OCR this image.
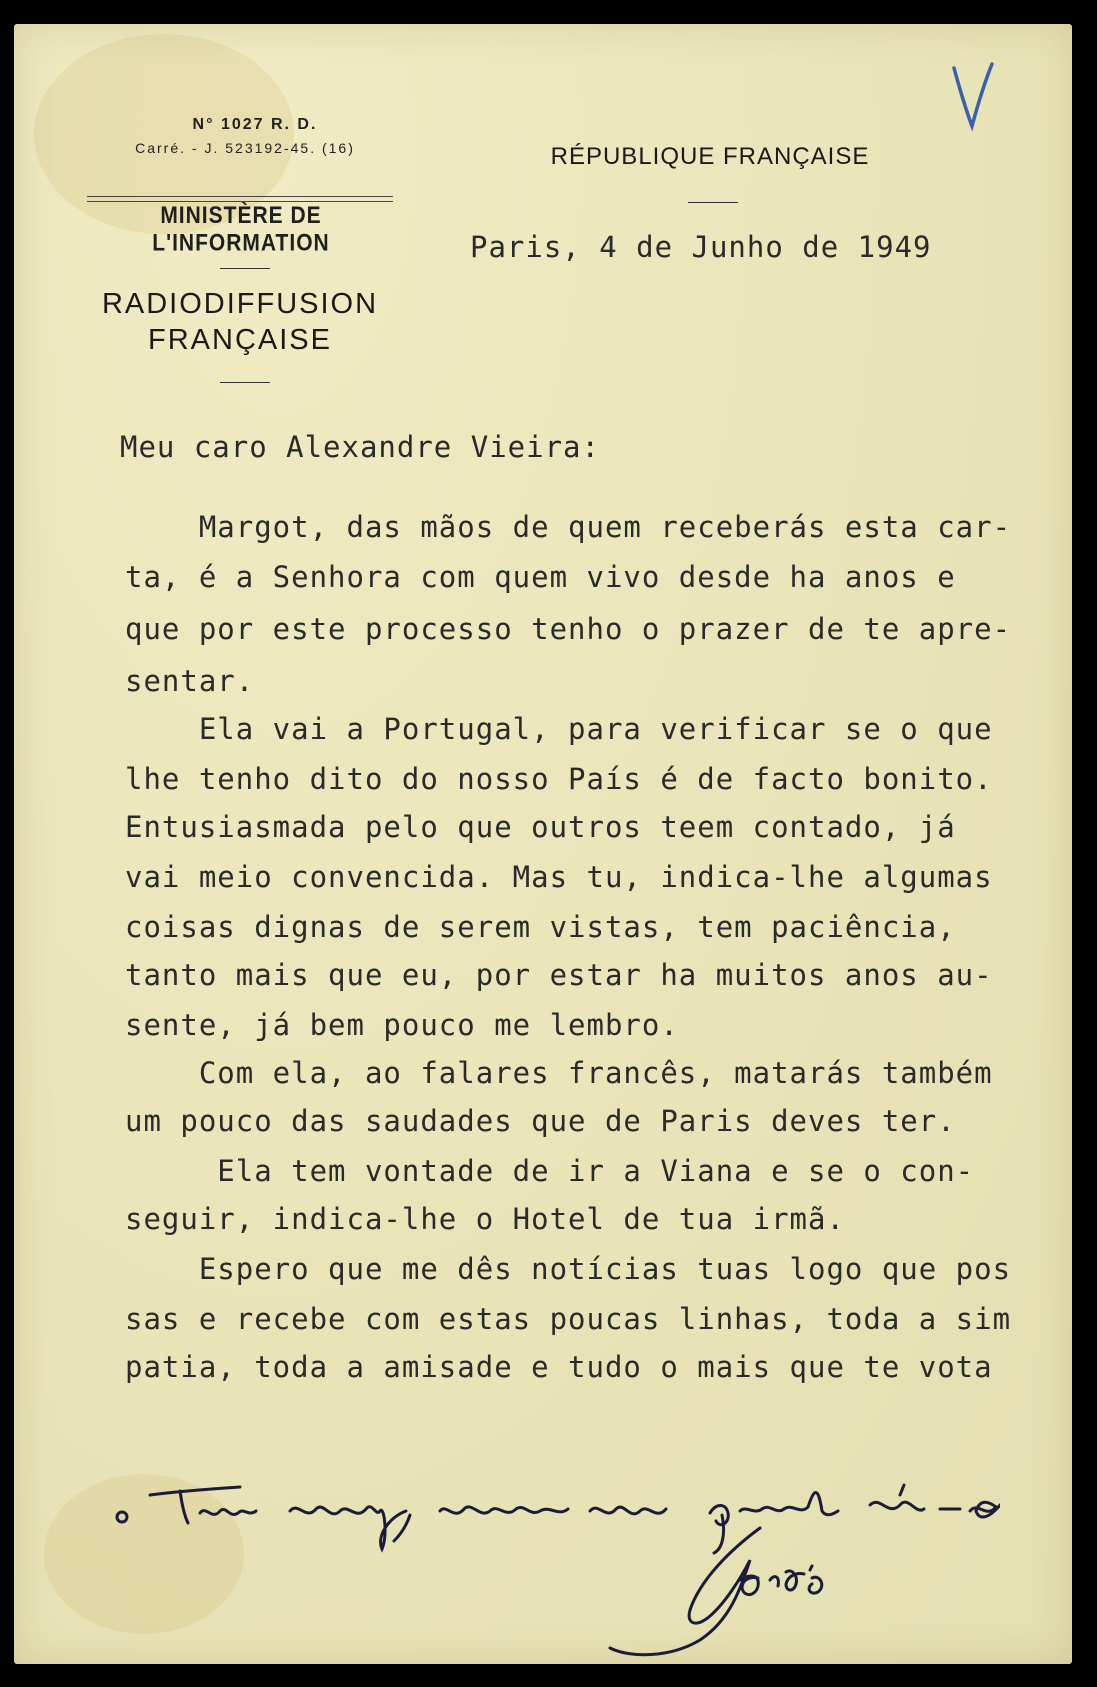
N° 1027 R. D.
Carré. - J. 523192-45. (16)
MINISTÈRE DE L'INFORMATION
RADIODIFFUSION
FRANÇAISE
RÉPUBLIQUE FRANÇAISE
Paris, 4 de Junho de 1949
Meu caro Alexandre Vieira:
Margot, das mãos de quem receberás esta car-
ta, é a Senhora com quem vivo desde ha anos e
que por este processo tenho o prazer de te apre-
sentar.
Ela vai a Portugal, para verificar se o que
lhe tenho dito do nosso País é de facto bonito.
Entusiasmada pelo que outros teem contado, já
vai meio convencida. Mas tu, indica-lhe algumas
coisas dignas de serem vistas, tem paciência,
tanto mais que eu, por estar ha muitos anos au-
sente, já bem pouco me lembro.
Com ela, ao falares francês, matarás também
um pouco das saudades que de Paris deves ter.
Ela tem vontade de ir a Viana e se o con-
seguir, indica-lhe o Hotel de tua irmã.
Espero que me dês notícias tuas logo que pos
sas e recebe com estas poucas linhas, toda a sim
patia, toda a amisade e tudo o mais que te vota
